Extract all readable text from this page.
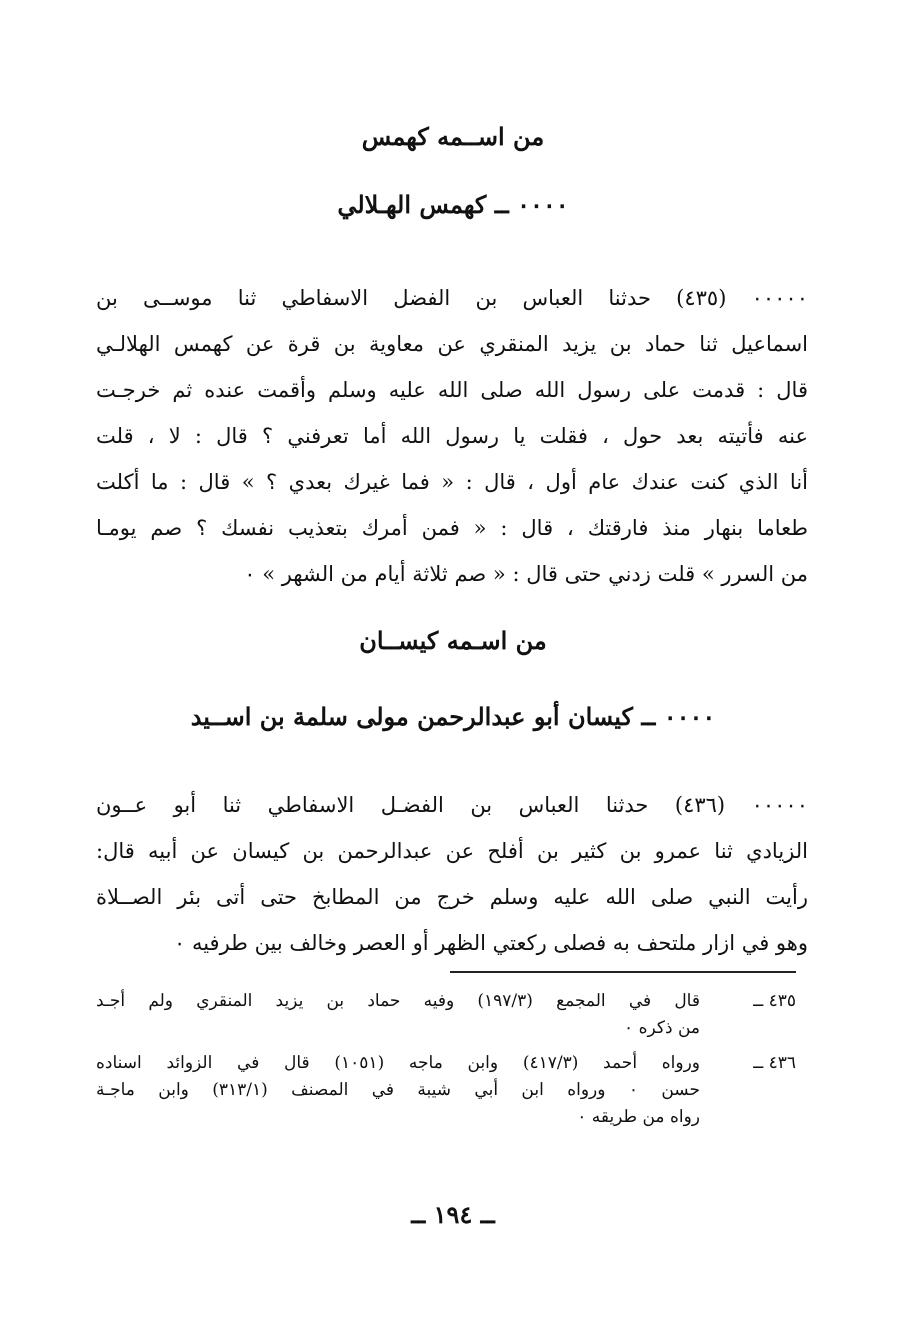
من اســمه كهمس
٠٠٠٠ ــ كهمس الهـلالي
٠٠٠٠٠ (٤٣٥) حدثنا العباس بن الفضل الاسفاطي ثنا موســى بن
اسماعيل ثنا حماد بن يزيد المنقري عن معاوية بن قرة عن كهمس الهلالـي
قال : قدمت على رسول الله صلى الله عليه وسلم وأقمت عنده ثم خرجـت
عنه فأتيته بعد حول ، فقلت يا رسول الله أما تعرفني ؟ قال : لا ، قلت
أنا الذي كنت عندك عام أول ، قال : « فما غيرك بعدي ؟ » قال : ما أكلت
طعاما بنهار منذ فارقتك ، قال : « فمن أمرك بتعذيب نفسك ؟ صم يومـا
من السرر » قلت زدني حتى قال : « صم ثلاثة أيام من الشهر » ٠
من اسـمه كيســان
٠٠٠٠ ــ كيسان أبو عبدالرحمن مولى سلمة بن اســيد
٠٠٠٠٠ (٤٣٦) حدثنا العباس بن الفضـل الاسفاطي ثنا أبو عــون
الزيادي ثنا عمرو بن كثير بن أفلح عن عبدالرحمن بن كيسان عن أبيه قال:
رأيت النبي صلى الله عليه وسلم خرج من المطابخ حتى أتى بئر الصــلاة
وهو في ازار ملتحف به فصلى ركعتي الظهر أو العصر وخالف بين طرفيه ٠
٤٣٥ ــ
قال في المجمع (١٩٧/٣) وفيه حماد بن يزيد المنقري ولم أجـد
من ذكره ٠
٤٣٦ ــ
ورواه أحمد (٤١٧/٣) وابن ماجه (١٠٥١) قال في الزوائد اسناده
حسن ٠ ورواه ابن أبي شيبة في المصنف (٣١٣/١) وابن ماجـة
رواه من طريقه ٠
ــ ١٩٤ ــ
